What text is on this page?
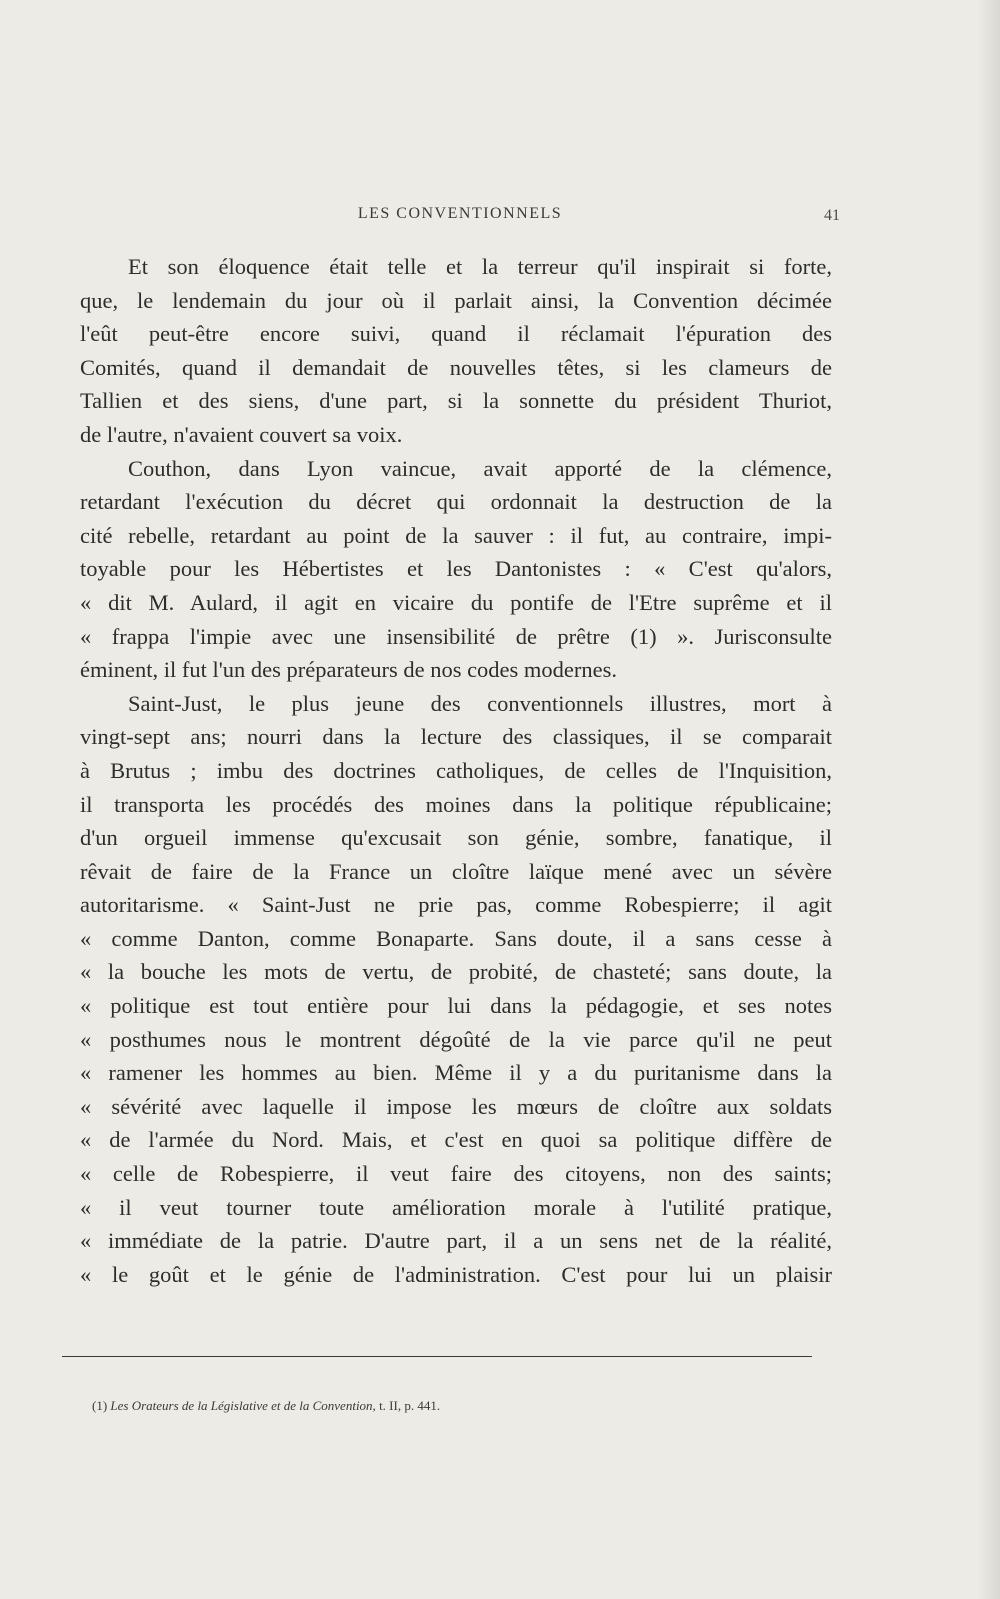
LES CONVENTIONNELS	41
Et son éloquence était telle et la terreur qu'il inspirait si forte,
que, le lendemain du jour où il parlait ainsi, la Convention décimée
l'eût peut-être encore suivi, quand il réclamait l'épuration des
Comités, quand il demandait de nouvelles têtes, si les clameurs de
Tallien et des siens, d'une part, si la sonnette du président Thuriot,
de l'autre, n'avaient couvert sa voix.
Couthon, dans Lyon vaincue, avait apporté de la clémence,
retardant l'exécution du décret qui ordonnait la destruction de la
cité rebelle, retardant au point de la sauver : il fut, au contraire, impi-
toyable pour les Hébertistes et les Dantonistes : « C'est qu'alors,
« dit M. Aulard, il agit en vicaire du pontife de l'Etre suprême et il
« frappa l'impie avec une insensibilité de prêtre (1) ». Jurisconsulte
éminent, il fut l'un des préparateurs de nos codes modernes.
Saint-Just, le plus jeune des conventionnels illustres, mort à
vingt-sept ans; nourri dans la lecture des classiques, il se comparait
à Brutus ; imbu des doctrines catholiques, de celles de l'Inquisition,
il transporta les procédés des moines dans la politique républicaine;
d'un orgueil immense qu'excusait son génie, sombre, fanatique, il
rêvait de faire de la France un cloître laïque mené avec un sévère
autoritarisme. « Saint-Just ne prie pas, comme Robespierre; il agit
« comme Danton, comme Bonaparte. Sans doute, il a sans cesse à
« la bouche les mots de vertu, de probité, de chasteté; sans doute, la
« politique est tout entière pour lui dans la pédagogie, et ses notes
« posthumes nous le montrent dégoûté de la vie parce qu'il ne peut
« ramener les hommes au bien. Même il y a du puritanisme dans la
« sévérité avec laquelle il impose les mœurs de cloître aux soldats
« de l'armée du Nord. Mais, et c'est en quoi sa politique diffère de
« celle de Robespierre, il veut faire des citoyens, non des saints;
« il veut tourner toute amélioration morale à l'utilité pratique,
« immédiate de la patrie. D'autre part, il a un sens net de la réalité,
« le goût et le génie de l'administration. C'est pour lui un plaisir
(1) Les Orateurs de la Législative et de la Convention, t. II, p. 441.
